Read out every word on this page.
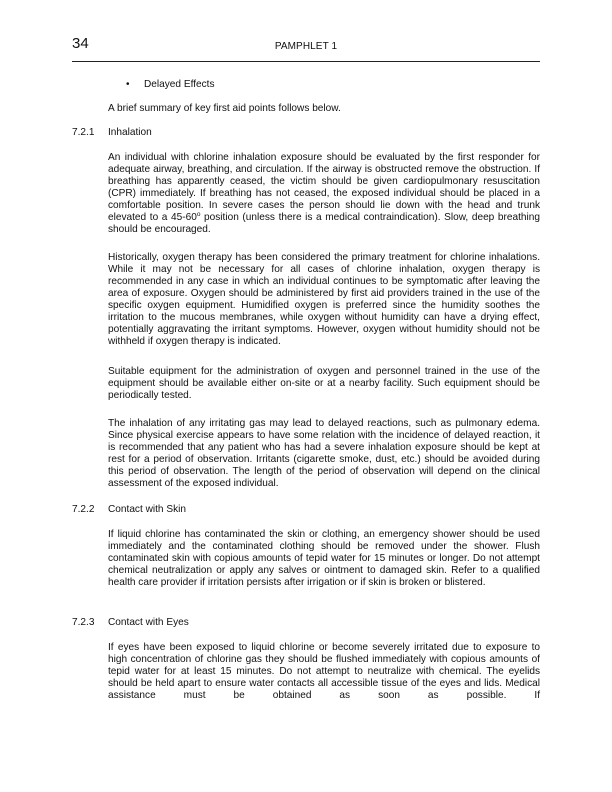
34	PAMPHLET 1
• Delayed Effects
A brief summary of key first aid points follows below.
7.2.1 Inhalation

An individual with chlorine inhalation exposure should be evaluated by the first responder for adequate airway, breathing, and circulation. If the airway is obstructed remove the obstruction. If breathing has apparently ceased, the victim should be given cardiopulmonary resuscitation (CPR) immediately. If breathing has not ceased, the exposed individual should be placed in a comfortable position. In severe cases the person should lie down with the head and trunk elevated to a 45-60$^o$ position (unless there is a medical contraindication). Slow, deep breathing should be encouraged.

Historically, oxygen therapy has been considered the primary treatment for chlorine inhalations. While it may not be necessary for all cases of chlorine inhalation, oxygen therapy is recommended in any case in which an individual continues to be symptomatic after leaving the area of exposure. Oxygen should be administered by first aid providers trained in the use of the specific oxygen equipment. Humidified oxygen is preferred since the humidity soothes the irritation to the mucous membranes, while oxygen without humidity can have a drying effect, potentially aggravating the irritant symptoms. However, oxygen without humidity should not be withheld if oxygen therapy is indicated.

Suitable equipment for the administration of oxygen and personnel trained in the use of the equipment should be available either on-site or at a nearby facility. Such equipment should be periodically tested.

The inhalation of any irritating gas may lead to delayed reactions, such as pulmonary edema. Since physical exercise appears to have some relation with the incidence of delayed reaction, it is recommended that any patient who has had a severe inhalation exposure should be kept at rest for a period of observation. Irritants (cigarette smoke, dust, etc.) should be avoided during this period of observation. The length of the period of observation will depend on the clinical assessment of the exposed individual.

7.2.2 Contact with Skin

If liquid chlorine has contaminated the skin or clothing, an emergency shower should be used immediately and the contaminated clothing should be removed under the shower. Flush contaminated skin with copious amounts of tepid water for 15 minutes or longer. Do not attempt chemical neutralization or apply any salves or ointment to damaged skin. Refer to a qualified health care provider if irritation persists after irrigation or if skin is broken or blistered.

7.2.3 Contact with Eyes

If eyes have been exposed to liquid chlorine or become severely irritated due to exposure to high concentration of chlorine gas they should be flushed immediately with copious amounts of tepid water for at least 15 minutes. Do not attempt to neutralize with chemical. The eyelids should be held apart to ensure water contacts all accessible tissue of the eyes and lids. Medical assistance must be obtained as soon as possible. If
